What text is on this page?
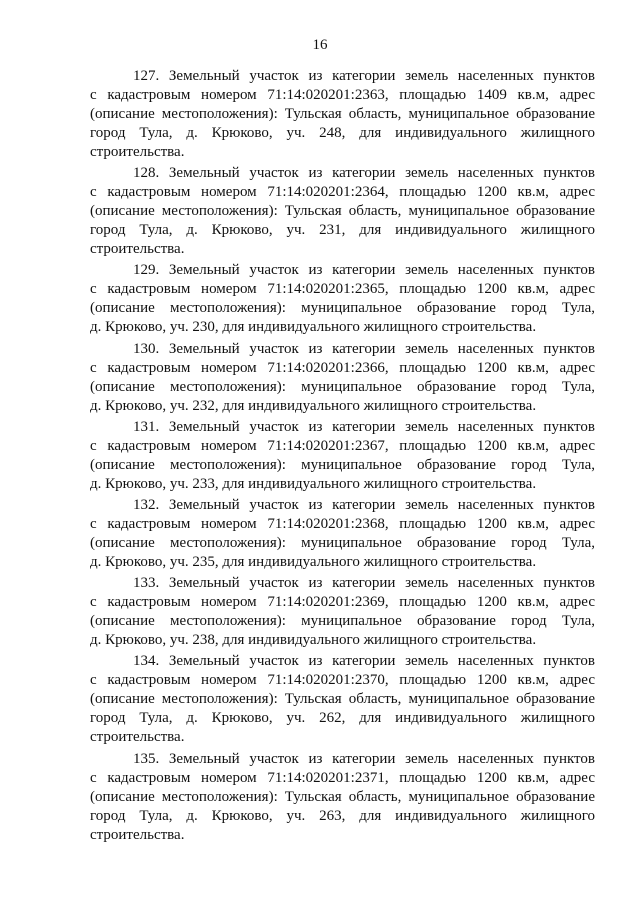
16
127. Земельный участок из категории земель населенных пунктов
с кадастровым номером 71:14:020201:2363, площадью 1409 кв.м, адрес
(описание местоположения): Тульская область, муниципальное образование
город Тула, д. Крюково, уч. 248, для индивидуального жилищного
строительства.
128. Земельный участок из категории земель населенных пунктов
с кадастровым номером 71:14:020201:2364, площадью 1200 кв.м, адрес
(описание местоположения): Тульская область, муниципальное образование
город Тула, д. Крюково, уч. 231, для индивидуального жилищного
строительства.
129. Земельный участок из категории земель населенных пунктов
с кадастровым номером 71:14:020201:2365, площадью 1200 кв.м, адрес
(описание местоположения): муниципальное образование город Тула,
д. Крюково, уч. 230, для индивидуального жилищного строительства.
130. Земельный участок из категории земель населенных пунктов
с кадастровым номером 71:14:020201:2366, площадью 1200 кв.м, адрес
(описание местоположения): муниципальное образование город Тула,
д. Крюково, уч. 232, для индивидуального жилищного строительства.
131. Земельный участок из категории земель населенных пунктов
с кадастровым номером 71:14:020201:2367, площадью 1200 кв.м, адрес
(описание местоположения): муниципальное образование город Тула,
д. Крюково, уч. 233, для индивидуального жилищного строительства.
132. Земельный участок из категории земель населенных пунктов
с кадастровым номером 71:14:020201:2368, площадью 1200 кв.м, адрес
(описание местоположения): муниципальное образование город Тула,
д. Крюково, уч. 235, для индивидуального жилищного строительства.
133. Земельный участок из категории земель населенных пунктов
с кадастровым номером 71:14:020201:2369, площадью 1200 кв.м, адрес
(описание местоположения): муниципальное образование город Тула,
д. Крюково, уч. 238, для индивидуального жилищного строительства.
134. Земельный участок из категории земель населенных пунктов
с кадастровым номером 71:14:020201:2370, площадью 1200 кв.м, адрес
(описание местоположения): Тульская область, муниципальное образование
город Тула, д. Крюково, уч. 262, для индивидуального жилищного
строительства.
135. Земельный участок из категории земель населенных пунктов
с кадастровым номером 71:14:020201:2371, площадью 1200 кв.м, адрес
(описание местоположения): Тульская область, муниципальное образование
город Тула, д. Крюково, уч. 263, для индивидуального жилищного
строительства.
